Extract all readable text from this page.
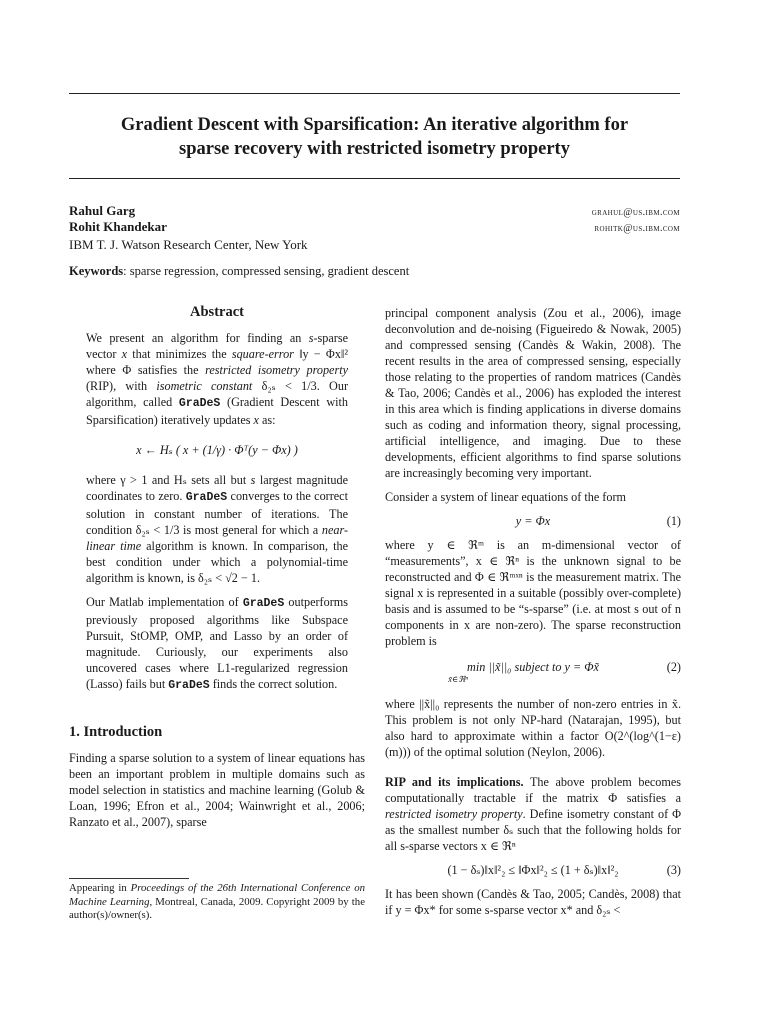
Gradient Descent with Sparsification: An iterative algorithm for
sparse recovery with restricted isometry property
Rahul Garg
Rohit Khandekar
grahul@us.ibm.com
rohitk@us.ibm.com
IBM T. J. Watson Research Center, New York
Keywords: sparse regression, compressed sensing, gradient descent
Abstract

We present an algorithm for finding an s-sparse vector x that minimizes the square-error ‖y − Φx‖² where Φ satisfies the restricted isometry property (RIP), with isometric constant δ₂ₛ < 1/3. Our algorithm, called GraDeS (Gradient Descent with Sparsification) iteratively updates x as:

x ← Hₛ ( x + (1/γ) · Φᵀ(y − Φx) )

where γ > 1 and Hₛ sets all but s largest magnitude coordinates to zero. GraDeS converges to the correct solution in constant number of iterations. The condition δ₂ₛ < 1/3 is most general for which a near-linear time algorithm is known. In comparison, the best condition under which a polynomial-time algorithm is known, is δ₂ₛ < √2 − 1.

Our Matlab implementation of GraDeS outperforms previously proposed algorithms like Subspace Pursuit, StOMP, OMP, and Lasso by an order of magnitude. Curiously, our experiments also uncovered cases where L1-regularized regression (Lasso) fails but GraDeS finds the correct solution.

1. Introduction

Finding a sparse solution to a system of linear equations has been an important problem in multiple domains such as model selection in statistics and machine learning (Golub & Loan, 1996; Efron et al., 2004; Wainwright et al., 2006; Ranzato et al., 2007), sparse

Appearing in Proceedings of the 26th International Conference on Machine Learning, Montreal, Canada, 2009. Copyright 2009 by the author(s)/owner(s).

principal component analysis (Zou et al., 2006), image deconvolution and de-noising (Figueiredo & Nowak, 2005) and compressed sensing (Candès & Wakin, 2008). The recent results in the area of compressed sensing, especially those relating to the properties of random matrices (Candès & Tao, 2006; Candès et al., 2006) has exploded the interest in this area which is finding applications in diverse domains such as coding and information theory, signal processing, artificial intelligence, and imaging. Due to these developments, efficient algorithms to find sparse solutions are increasingly becoming very important.

Consider a system of linear equations of the form

y = Φx	(1)

where y ∈ ℜᵐ is an m-dimensional vector of “measurements”, x ∈ ℜⁿ is the unknown signal to be reconstructed and Φ ∈ ℜᵐˣⁿ is the measurement matrix. The signal x is represented in a suitable (possibly over-complete) basis and is assumed to be “s-sparse” (i.e. at most s out of n components in x are non-zero). The sparse reconstruction problem is

min ||x̃||₀ subject to y = Φx̃
x̃∈ℜⁿ
(2)

where ||x̃||₀ represents the number of non-zero entries in x̃. This problem is not only NP-hard (Natarajan, 1995), but also hard to approximate within a factor O(2^(log^(1−ε)(m))) of the optimal solution (Neylon, 2006).

RIP and its implications. The above problem becomes computationally tractable if the matrix Φ satisfies a restricted isometry property. Define isometry constant of Φ as the smallest number δₛ such that the following holds for all s-sparse vectors x ∈ ℜⁿ

(1 − δₛ)‖x‖²₂ ≤ ‖Φx‖²₂ ≤ (1 + δₛ)‖x‖²₂	(3)

It has been shown (Candès & Tao, 2005; Candès, 2008) that if y = Φx* for some s-sparse vector x* and δ₂ₛ <
